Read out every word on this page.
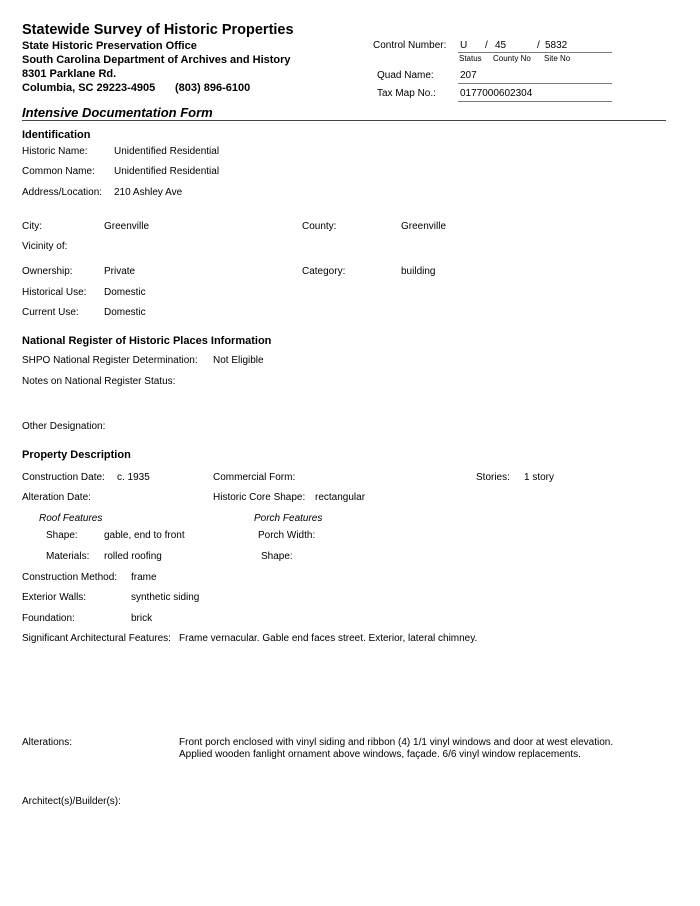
Statewide Survey of Historic Properties
State Historic Preservation Office
South Carolina Department of Archives and History
8301 Parklane Rd.
Columbia, SC 29223-4905 (803) 896-6100
Control Number: U / 45	/ 5832
Status County No Site No
Quad Name:	207
Tax Map No.: 0177000602304
Intensive Documentation Form
Identification
Historic Name:	Unidentified Residential
Common Name: Unidentified Residential
Address/Location: 210 Ashley Ave
City:	Greenville	County:	Greenville
Vicinity of:
Ownership:	Private	Category:	building
Historical Use: Domestic
Current Use:	Domestic
National Register of Historic Places Information
SHPO National Register Determination: Not Eligible
Notes on National Register Status:
Other Designation:
Property Description
Construction Date: c. 1935	Commercial Form:	Stories: 1 story
Alteration Date:	Historic Core Shape: rectangular
Roof Features	Porch Features
Shape:	gable, end to front	Porch Width:
Materials: rolled roofing	Shape:
Construction Method: frame
Exterior Walls:	synthetic siding
Foundation:	brick
Significant Architectural Features: Frame vernacular. Gable end faces street. Exterior, lateral chimney.
Alterations:	Front porch enclosed with vinyl siding and ribbon (4) 1/1 vinyl windows and door at west elevation.
Applied wooden fanlight ornament above windows, façade. 6/6 vinyl window replacements.
Architect(s)/Builder(s):
